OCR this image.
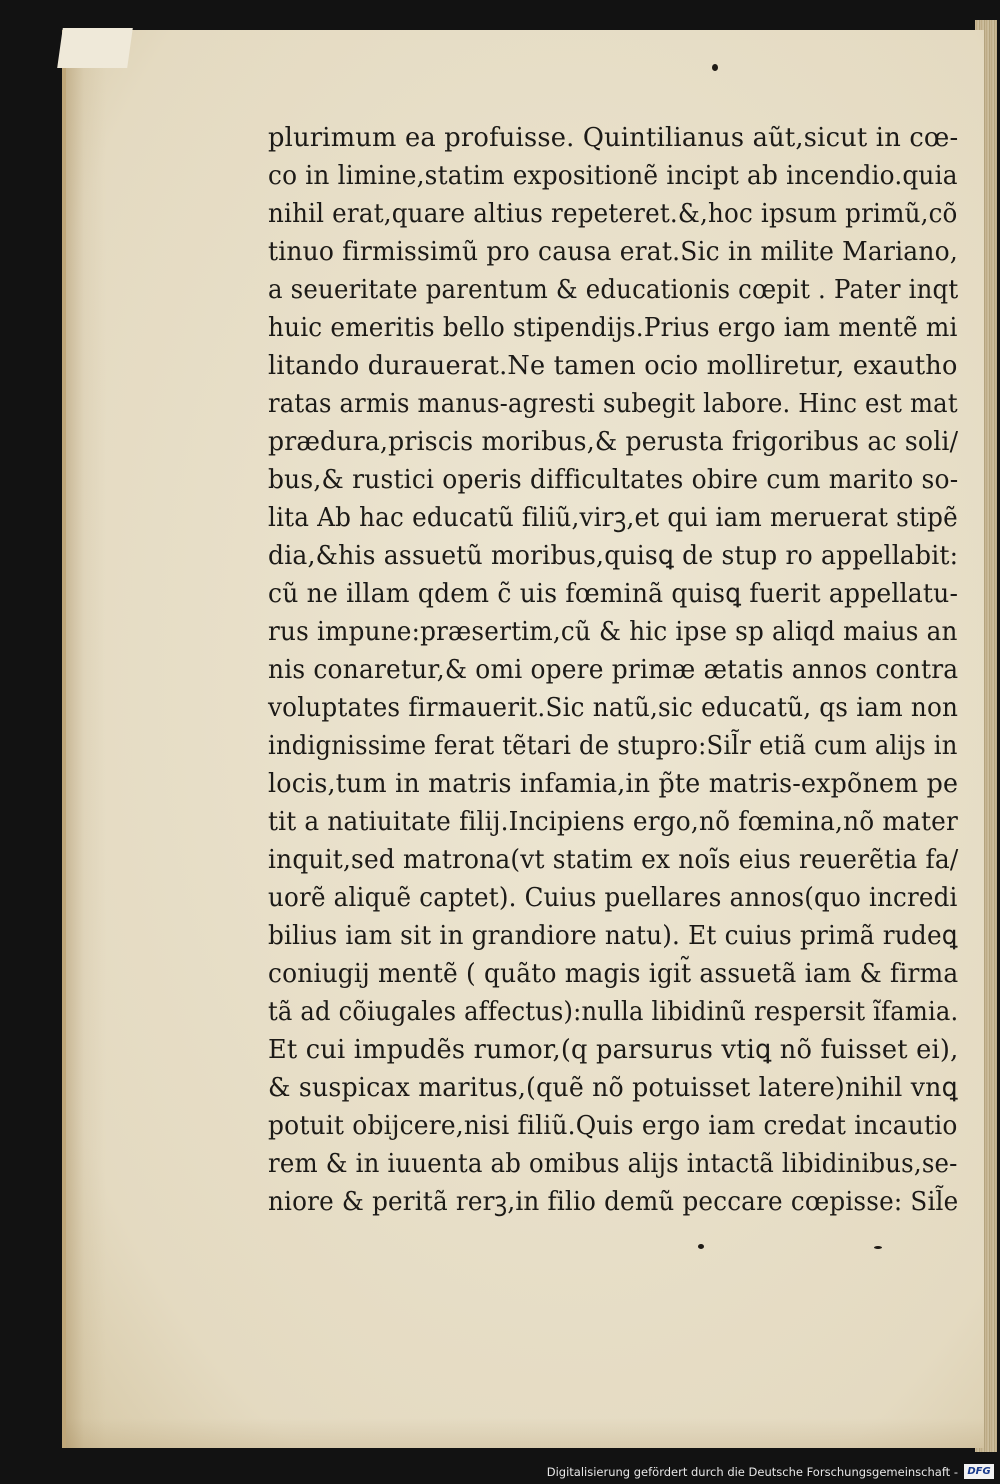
plurimum ea profuisse. Quintilianus aũt,sicut in cœ-
co in limine,statim expositionẽ incipt ab incendio.quia
nihil erat,quare altius repeteret.&,hoc ipsum primũ,cõ
tinuo firmissimũ pro causa erat.Sic in milite Mariano,
a seueritate parentum & educationis cœpit . Pater inqt
huic emeritis bello stipendijs.Prius ergo iam mentẽ mi
litando durauerat.Ne tamen ocio molliretur, exautho
ratas armis manus-agresti subegit labore. Hinc est mat
prædura,priscis moribus,& perusta frigoribus ac soli/
bus,& rustici operis difficultates obire cum marito so-
lita Ab hac educatũ filiũ,virꝫ,et qui iam meruerat stipẽ
dia,&his assuetũ moribus,quisꝗ de stup ro appellabit:
cũ ne illam qdem c̃ uis fœminã quisꝗ fuerit appellatu-
rus impune:præsertim,cũ & hic ipse sp aliqd maius an
nis conaretur,& omi opere primæ ætatis annos contra
voluptates firmauerit.Sic natũ,sic educatũ, qs iam non
indignissime ferat tẽtari de stupro:Sil̃r etiã cum alijs in
locis,tum in matris infamia,in p̃te matris-expõnem pe
tit a natiuitate filij.Incipiens ergo,nõ fœmina,nõ mater
inquit,sed matrona(vt statim ex noĩs eius reuerẽtia fa/
uorẽ aliquẽ captet). Cuius puellares annos(quo incredi
bilius iam sit in grandiore natu). Et cuius primã rudeꝗ
coniugij mentẽ ( quãto magis igit̃ assuetã iam & firma
tã ad cõiugales affectus):nulla libidinũ respersit ĩfamia.
Et cui impudẽs rumor,(q parsurus vtiꝗ nõ fuisset ei),
& suspicax maritus,(quẽ nõ potuisset latere)nihil vnꝗ
potuit obijcere,nisi filiũ.Quis ergo iam credat incautio
rem & in iuuenta ab omibus alijs intactã libidinibus,se-
niore & peritã rerꝫ,in filio demũ peccare cœpisse: Sil̃e
Digitalisierung gefördert durch die Deutsche Forschungsgemeinschaft - DFG
